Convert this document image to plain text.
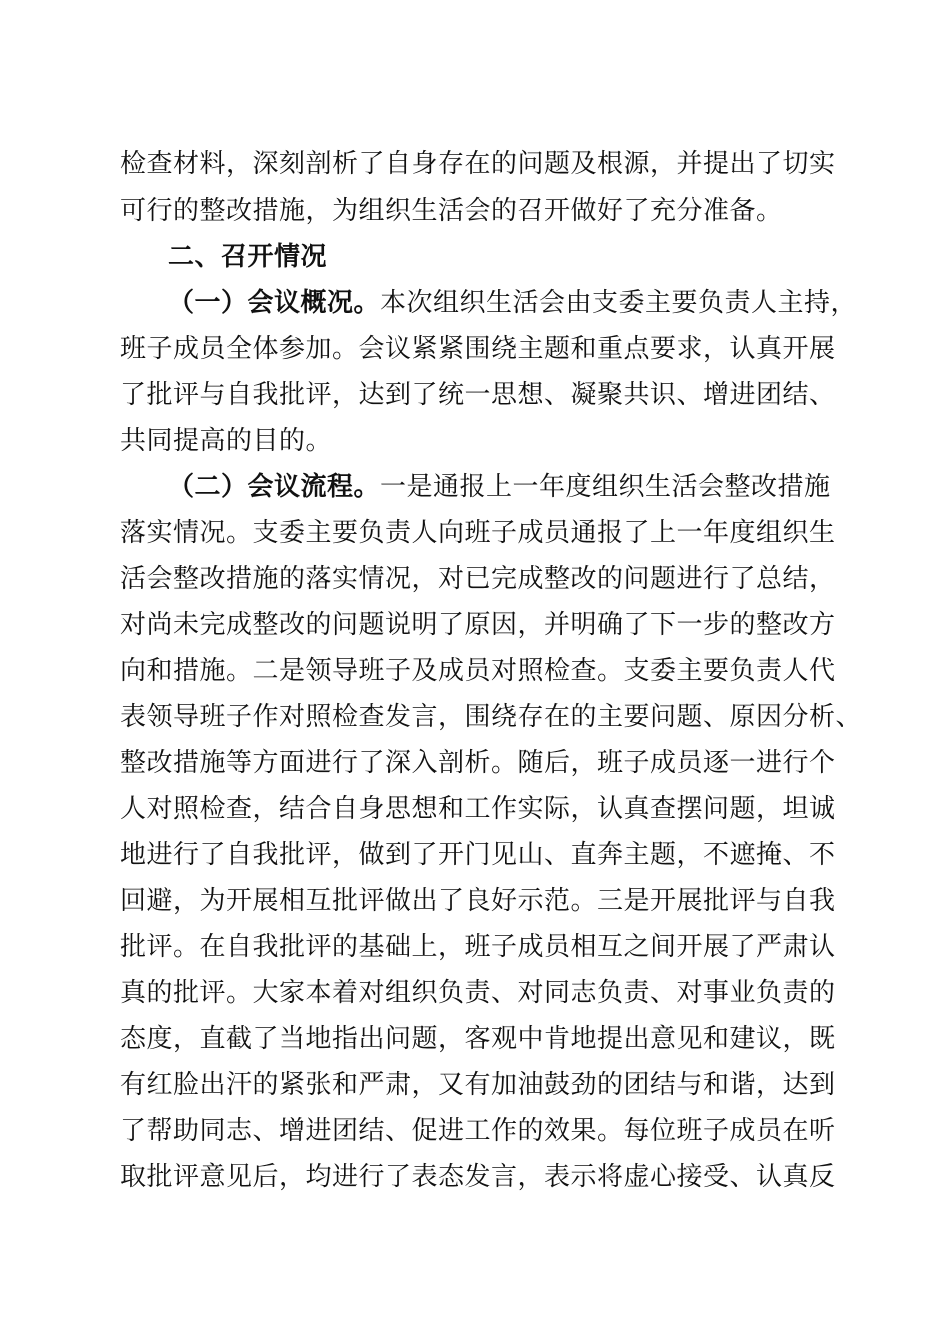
检查材料，深刻剖析了自身存在的问题及根源，并提出了切实
可行的整改措施，为组织生活会的召开做好了充分准备。
二、召开情况
（一）会议概况。本次组织生活会由支委主要负责人主持，
班子成员全体参加。会议紧紧围绕主题和重点要求，认真开展
了批评与自我批评，达到了统一思想、凝聚共识、增进团结、
共同提高的目的。
（二）会议流程。一是通报上一年度组织生活会整改措施
落实情况。支委主要负责人向班子成员通报了上一年度组织生
活会整改措施的落实情况，对已完成整改的问题进行了总结，
对尚未完成整改的问题说明了原因，并明确了下一步的整改方
向和措施。二是领导班子及成员对照检查。支委主要负责人代
表领导班子作对照检查发言，围绕存在的主要问题、原因分析、
整改措施等方面进行了深入剖析。随后，班子成员逐一进行个
人对照检查，结合自身思想和工作实际，认真查摆问题，坦诚
地进行了自我批评，做到了开门见山、直奔主题，不遮掩、不
回避，为开展相互批评做出了良好示范。三是开展批评与自我
批评。在自我批评的基础上，班子成员相互之间开展了严肃认
真的批评。大家本着对组织负责、对同志负责、对事业负责的
态度，直截了当地指出问题，客观中肯地提出意见和建议，既
有红脸出汗的紧张和严肃，又有加油鼓劲的团结与和谐，达到
了帮助同志、增进团结、促进工作的效果。每位班子成员在听
取批评意见后，均进行了表态发言，表示将虚心接受、认真反
